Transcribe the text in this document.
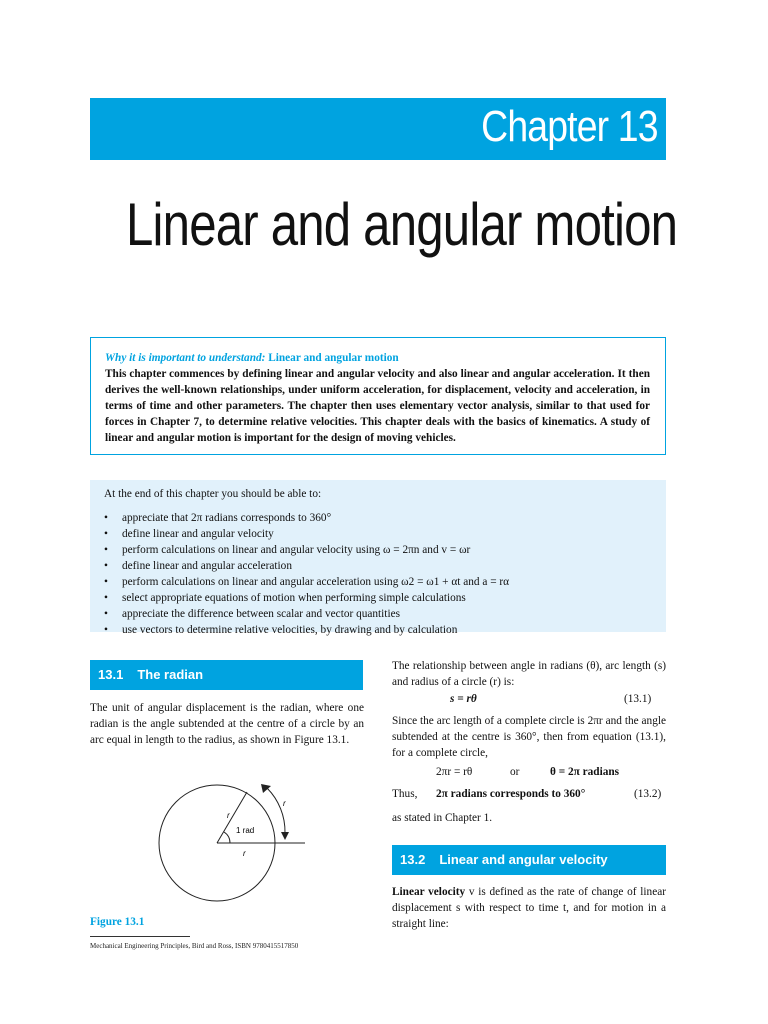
Chapter 13
Linear and angular motion
Why it is important to understand: Linear and angular motion
This chapter commences by defining linear and angular velocity and also linear and angular acceleration. It then derives the well-known relationships, under uniform acceleration, for displacement, velocity and acceleration, in terms of time and other parameters. The chapter then uses elementary vector analysis, similar to that used for forces in Chapter 7, to determine relative velocities. This chapter deals with the basics of kinematics. A study of linear and angular motion is important for the design of moving vehicles.
At the end of this chapter you should be able to:
• appreciate that 2π radians corresponds to 360°
• define linear and angular velocity
• perform calculations on linear and angular velocity using ω = 2πn and v = ωr
• define linear and angular acceleration
• perform calculations on linear and angular acceleration using ω2 = ω1 + αt and a = rα
• select appropriate equations of motion when performing simple calculations
• appreciate the difference between scalar and vector quantities
• use vectors to determine relative velocities, by drawing and by calculation
13.1 The radian
The unit of angular displacement is the radian, where one radian is the angle subtended at the centre of a circle by an arc equal in length to the radius, as shown in Figure 13.1.
r
r
r
1 rad
Figure 13.1
Mechanical Engineering Principles, Bird and Ross, ISBN 9780415517850
The relationship between angle in radians (θ), arc length (s) and radius of a circle (r) is:
s = rθ	(13.1)
Since the arc length of a complete circle is 2πr and the angle subtended at the centre is 360°, then from equation (13.1), for a complete circle,
2πr = rθ	or	θ = 2π radians
Thus, 2π radians corresponds to 360°	(13.2)
as stated in Chapter 1.
13.2 Linear and angular velocity
Linear velocity v is defined as the rate of change of linear displacement s with respect to time t, and for motion in a straight line:
